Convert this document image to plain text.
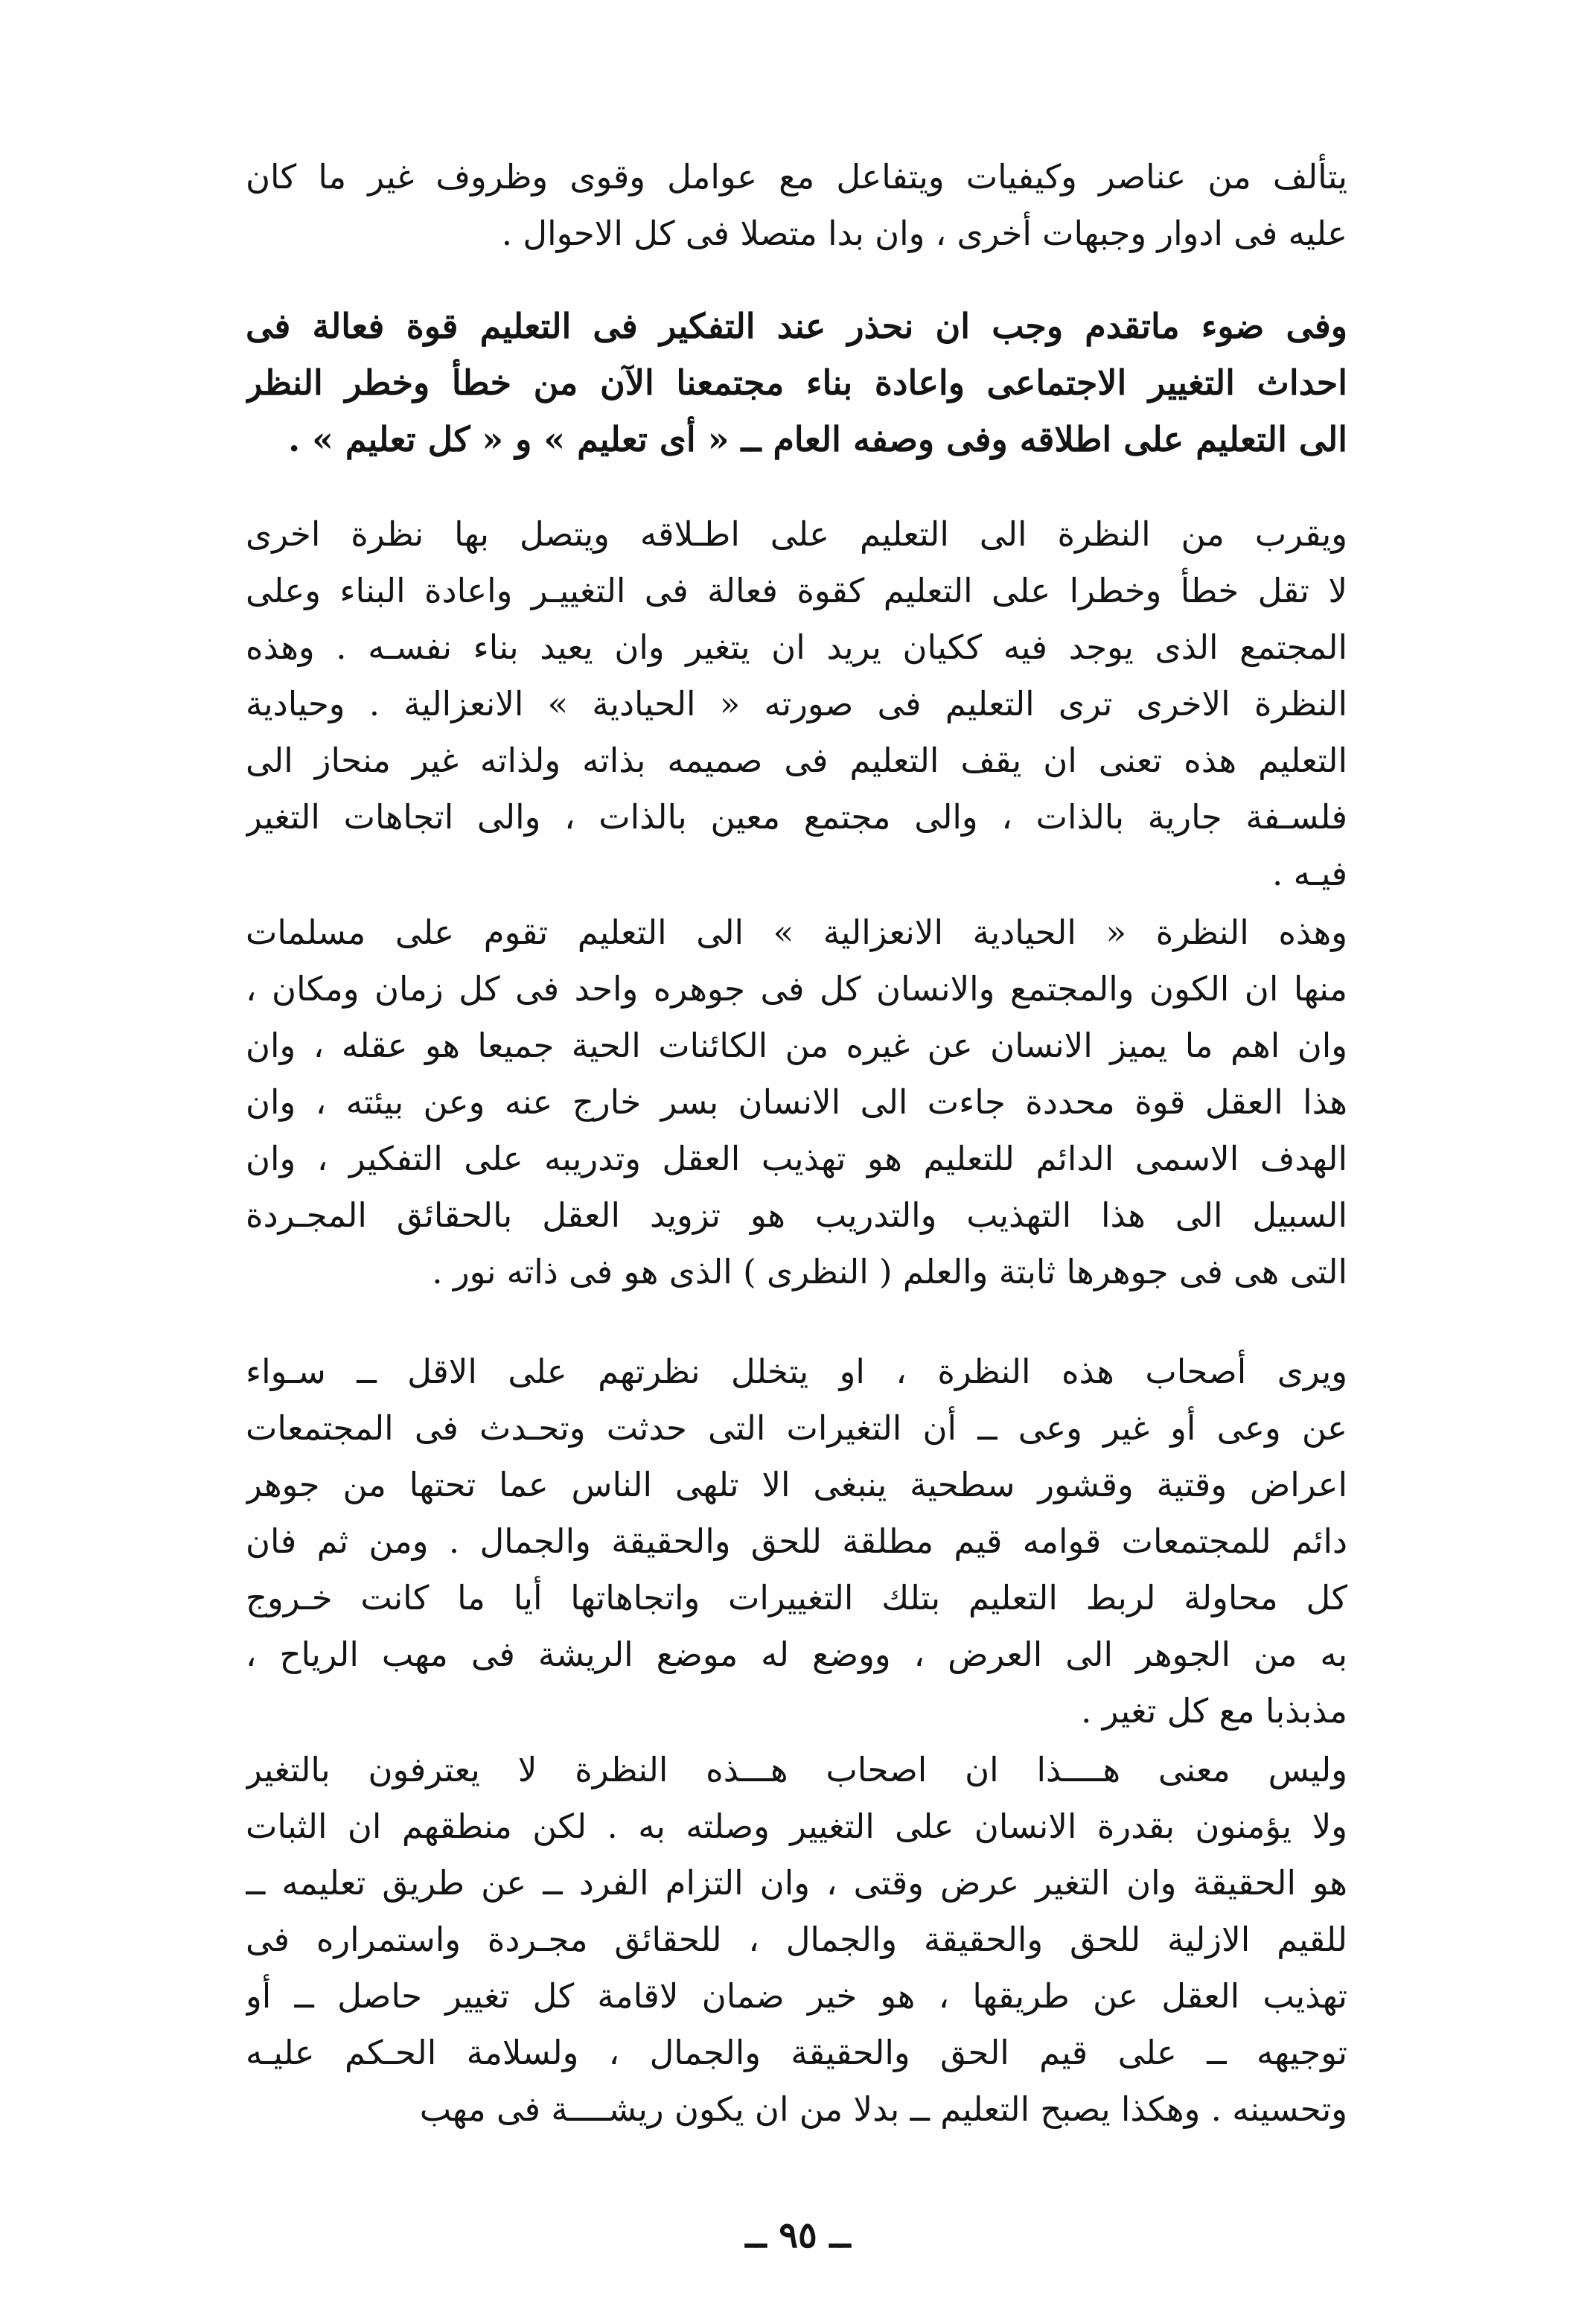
يتألف من عناصر وكيفيات ويتفاعل مع عوامل وقوى وظروف غير ما كان
عليه فى ادوار وجبهات أخرى ، وان بدا متصلا فى كل الاحوال .
وفى ضوء ماتقدم وجب ان نحذر عند التفكير فى التعليم قوة فعالة فى
احداث التغيير الاجتماعى واعادة بناء مجتمعنا الآن من خطأ وخطر النظر
الى التعليم على اطلاقه وفى وصفه العام ــ « أى تعليم » و « كل تعليم » .
ويقرب من النظرة الى التعليم على اطـلاقه ويتصل بها نظرة اخرى
لا تقل خطأ وخطرا على التعليم كقوة فعالة فى التغييـر واعادة البناء وعلى
المجتمع الذى يوجد فيه ككيان يريد ان يتغير وان يعيد بناء نفسـه . وهذه
النظرة الاخرى ترى التعليم فى صورته « الحيادية » الانعزالية . وحيادية
التعليم هذه تعنى ان يقف التعليم فى صميمه بذاته ولذاته غير منحاز الى
فلسـفة جارية بالذات ، والى مجتمع معين بالذات ، والى اتجاهات التغير
فيـه .
وهذه النظرة « الحيادية الانعزالية » الى التعليم تقوم على مسلمات
منها ان الكون والمجتمع والانسان كل فى جوهره واحد فى كل زمان ومكان ،
وان اهم ما يميز الانسان عن غيره من الكائنات الحية جميعا هو عقله ، وان
هذا العقل قوة محددة جاءت الى الانسان بسر خارج عنه وعن بيئته ، وان
الهدف الاسمى الدائم للتعليم هو تهذيب العقل وتدريبه على التفكير ، وان
السبيل الى هذا التهذيب والتدريب هو تزويد العقل بالحقائق المجـردة
التى هى فى جوهرها ثابتة والعلم ( النظرى ) الذى هو فى ذاته نور .
ويرى أصحاب هذه النظرة ، او يتخلل نظرتهم على الاقل ــ سـواء
عن وعى أو غير وعى ــ أن التغيرات التى حدثت وتحـدث فى المجتمعات
اعراض وقتية وقشور سطحية ينبغى الا تلهى الناس عما تحتها من جوهر
دائم للمجتمعات قوامه قيم مطلقة للحق والحقيقة والجمال . ومن ثم فان
كل محاولة لربط التعليم بتلك التغييرات واتجاهاتها أيا ما كانت خـروج
به من الجوهر الى العرض ، ووضع له موضع الريشة فى مهب الرياح ،
مذبذبا مع كل تغير .
وليس معنى هــــذا ان اصحاب هـــذه النظرة لا يعترفون بالتغير
ولا يؤمنون بقدرة الانسان على التغيير وصلته به . لكن منطقهم ان الثبات
هو الحقيقة وان التغير عرض وقتى ، وان التزام الفرد ــ عن طريق تعليمه ــ
للقيم الازلية للحق والحقيقة والجمال ، للحقائق مجـردة واستمراره فى
تهذيب العقل عن طريقها ، هو خير ضمان لاقامة كل تغيير حاصل ــ أو
توجيهه ــ على قيم الحق والحقيقة والجمال ، ولسلامة الحـكم عليـه
وتحسينه . وهكذا يصبح التعليم ــ بدلا من ان يكون ريشــــة فى مهب
ــ ٩٥ ــ
